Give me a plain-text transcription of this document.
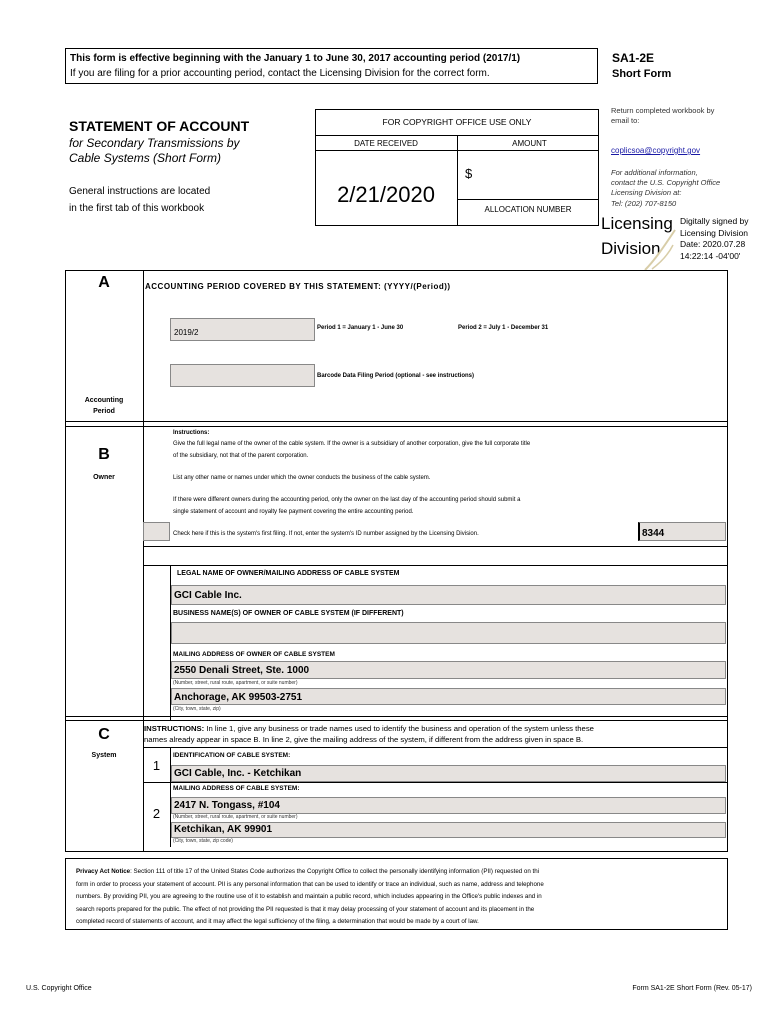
This form is effective beginning with the January 1 to June 30, 2017 accounting period (2017/1)
If you are filing for a prior accounting period, contact the Licensing Division for the correct form.
SA1-2E
Short Form
Return completed workbook by email to:
coplicsoa@copyright.gov
For additional information, contact the U.S. Copyright Office Licensing Division at:
Tel: (202) 707-8150
STATEMENT OF ACCOUNT
for Secondary Transmissions by
Cable Systems (Short Form)
General instructions are located
in the first tab of this workbook
FOR COPYRIGHT OFFICE USE ONLY
DATE RECEIVED	AMOUNT
2/21/2020
$
ALLOCATION NUMBER
Licensing
Division
Digitally signed by
Licensing Division
Date: 2020.07.28
14:22:14 -04'00'
A
Accounting
Period
ACCOUNTING PERIOD COVERED BY THIS STATEMENT: (YYYY/(Period))
2019/2	Period 1 = January 1 - June 30	Period 2 = July 1 - December 31
Barcode Data Filing Period (optional - see instructions)
B
Owner
Instructions:
Give the full legal name of the owner of the cable system. If the owner is a subsidiary of another corporation, give the full corporate title
of the subsidiary, not that of the parent corporation.
List any other name or names under which the owner conducts the business of the cable system.
If there were different owners during the accounting period, only the owner on the last day of the accounting period should submit a
single statement of account and royalty fee payment covering the entire accounting period.
Check here if this is the system's first filing. If not, enter the system's ID number assigned by the Licensing Division.	8344
LEGAL NAME OF OWNER/MAILING ADDRESS OF CABLE SYSTEM
GCI Cable Inc.
BUSINESS NAME(S) OF OWNER OF CABLE SYSTEM (IF DIFFERENT)
MAILING ADDRESS OF OWNER OF CABLE SYSTEM
2550 Denali Street, Ste. 1000
(Number, street, rural route, apartment, or suite number)
Anchorage, AK 99503-2751
(City, town, state, zip)
C
System
INSTRUCTIONS: In line 1, give any business or trade names used to identify the business and operation of the system unless these
names already appear in space B. In line 2, give the mailing address of the system, if different from the address given in space B.
1
IDENTIFICATION OF CABLE SYSTEM:
GCI Cable, Inc. - Ketchikan
MAILING ADDRESS OF CABLE SYSTEM:
2
2417 N. Tongass, #104
(Number, street, rural route, apartment, or suite number)
Ketchikan, AK 99901
(City, town, state, zip code)
Privacy Act Notice: Section 111 of title 17 of the United States Code authorizes the Copyright Office to collect the personally identifying information (PII) requested on thi
form in order to process your statement of account. PII is any personal information that can be used to identify or trace an individual, such as name, address and telephone
numbers. By providing PII, you are agreeing to the routine use of it to establish and maintain a public record, which includes appearing in the Office's public indexes and in
search reports prepared for the public. The effect of not providing the PII requested is that it may delay processing of your statement of account and its placement in the
completed record of statements of account, and it may affect the legal sufficiency of the filing, a determination that would be made by a court of law.
U.S. Copyright Office	Form SA1-2E Short Form (Rev. 05-17)
